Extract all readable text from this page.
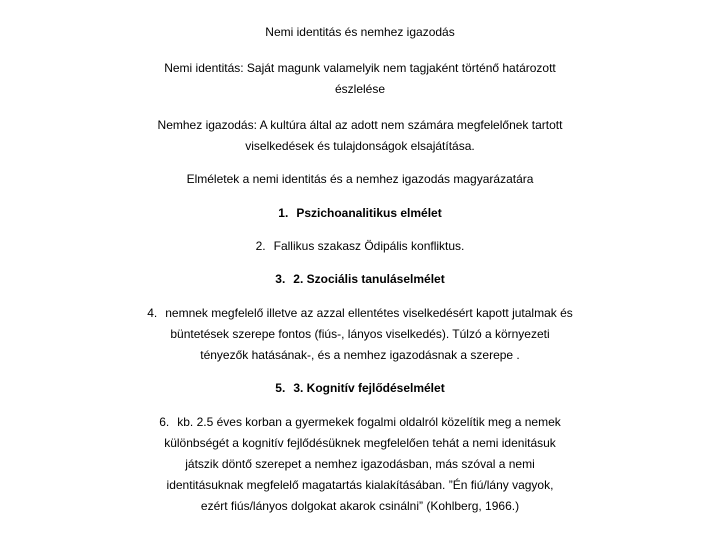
Nemi identitás és nemhez igazodás
Nemi identitás: Saját magunk valamelyik nem tagjaként történő határozott
észlelése
Nemhez igazodás: A kultúra által az adott nem számára megfelelőnek tartott
viselkedések és tulajdonságok elsajátítása.
Elméletek a nemi identitás és a nemhez igazodás magyarázatára
1. Pszichoanalitikus elmélet
2. Fallikus szakasz Ödipális konfliktus.
3. 2. Szociális tanuláselmélet
4. nemnek megfelelő illetve az azzal ellentétes viselkedésért kapott jutalmak és
büntetések szerepe fontos (fiús-, lányos viselkedés). Túlzó a környezeti
tényezők hatásának-, és a nemhez igazodásnak a szerepe .
5. 3. Kognitív fejlődéselmélet
6. kb. 2.5 éves korban a gyermekek fogalmi oldalról közelítik meg a nemek
különbségét a kognitív fejlődésüknek megfelelően tehát a nemi idenitásuk
játszik döntő szerepet a nemhez igazodásban, más szóval a nemi
identitásuknak megfelelő magatartás kialakításában. ”Én fiú/lány vagyok,
ezért fiús/lányos dolgokat akarok csinálni” (Kohlberg, 1966.)
